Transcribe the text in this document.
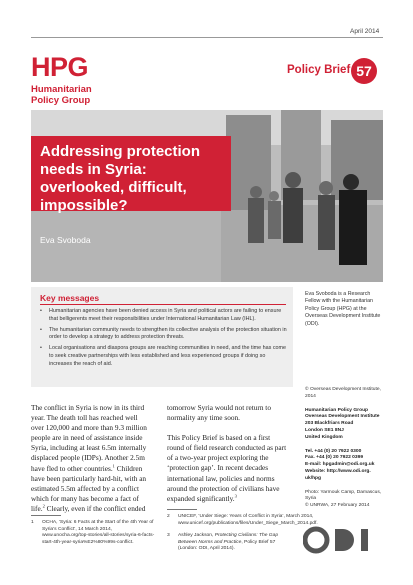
April 2014
HPG
Humanitarian
Policy Group
Policy Brief 57
Addressing protection needs in Syria: overlooked, difficult, impossible?
Eva Svoboda
Key messages
• Humanitarian agencies have been denied access in Syria and political actors are failing to ensure that belligerents meet their responsibilities under International Humanitarian Law (IHL).
• The humanitarian community needs to strengthen its collective analysis of the protection situation in order to develop a strategy to address protection threats.
• Local organisations and diaspora groups are reaching communities in need, and the time has come to seek creative partnerships with less established and less experienced groups if doing so increases the reach of aid.
Eva Svoboda is a Research Fellow with the Humanitarian Policy Group (HPG) at the Overseas Development Institute (ODI).
© Overseas Development Institute, 2014
Humanitarian Policy Group
Overseas Development Institute
203 Blackfriars Road
London SE1 8NJ
United Kingdom
Tel. +44 (0) 20 7922 0300
Fax. +44 (0) 20 7922 0399
E-mail: hpgadmin@odi.org.uk
Website: http://www.odi.org.
uk/hpg
Photo: Yarmouk Camp, Damascus,
Syria
© UNRWA, 27 February 2014

The conflict in Syria is now in its third year. The death toll has reached well over 120,000 and more than 9.3 million people are in need of assistance inside Syria, including at least 6.5m internally displaced people (IDPs). Another 2.5m have fled to other countries.$^1$ Children have been particularly hard-hit, with an estimated 5.5m affected by a conflict which for many has become a fact of life.$^2$ Clearly, even if the conflict ended

tomorrow Syria would not return to normality any time soon.

This Policy Brief is based on a first round of field research conducted as part of a two-year project exploring the ‘protection gap’. In recent decades international law, policies and norms around the protection of civilians have expanded significantly.$^3$

1	OCHA, ‘Syria: 6 Facts at the Start of the 4th Year of Syria’s Conflict’, 14 March 2014, www.unocha.org/top-stories/all-stories/syria-6-facts-start-4th-year-syria%E2%80%99s-conflict.
2	UNICEF, ‘Under Siege: Years of Conflict in Syria’, March 2014, www.unicef.org/publications/files/Under_Siege_March_2014.pdf.
3	Ashley Jackson, Protecting Civilians: The Gap Between Norms and Practice, Policy Brief 57 (London: ODI, April 2014).
